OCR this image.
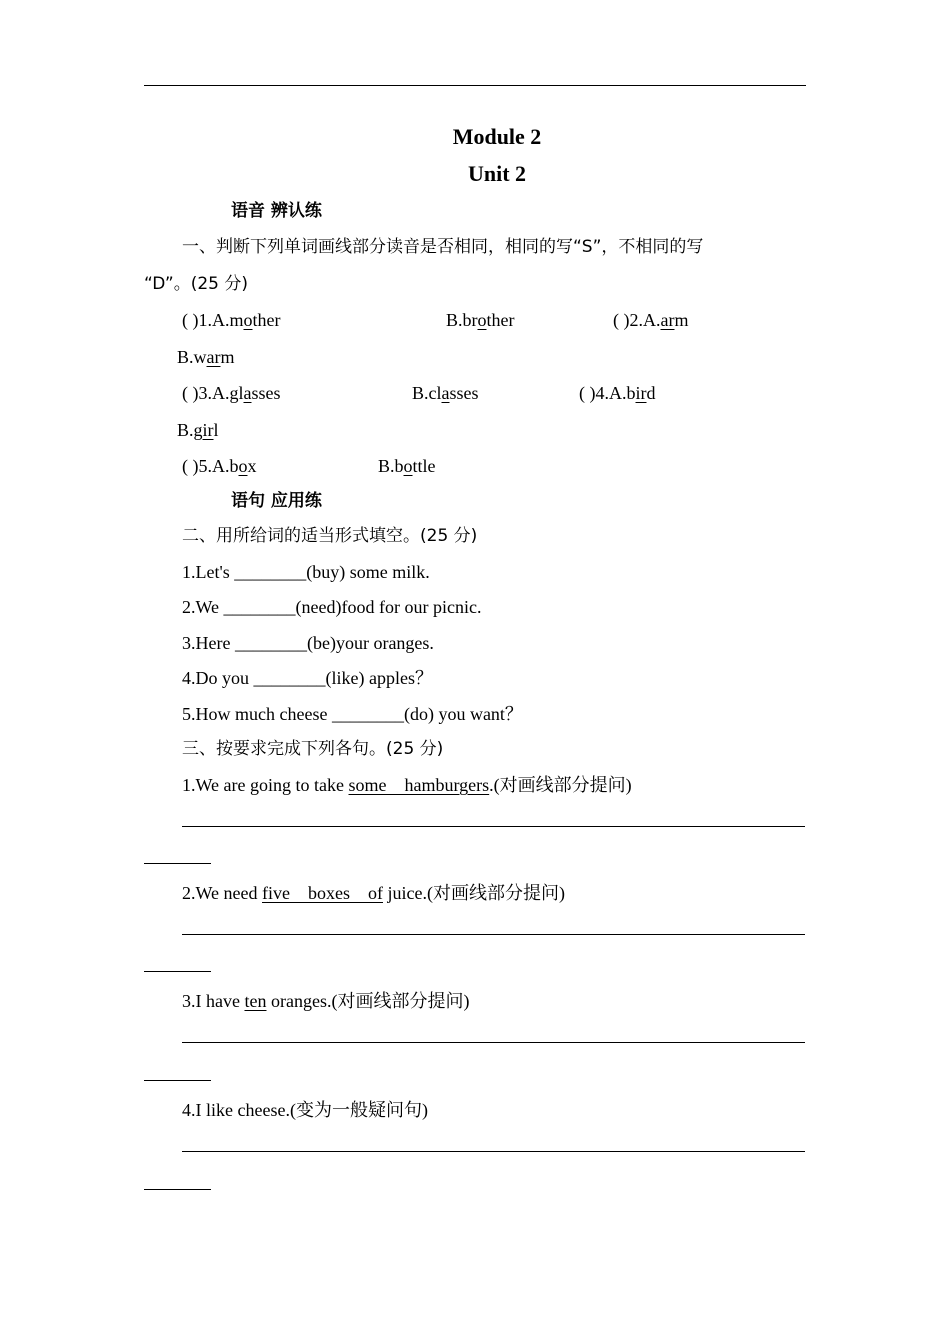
Module 2
Unit 2
语音 辨认练
一、判断下列单词画线部分读音是否相同，相同的写“S”，不相同的写
“D”。(25 分)
( )1.A.mother	B.brother	( )2.A.arm
B.warm
( )3.A.glasses	B.classes	( )4.A.bird
B.girl
( )5.A.box	B.bottle
语句 应用练
二、用所给词的适当形式填空。(25 分)
1.Let's ________(buy) some milk.
2.We ________(need)food for our picnic.
3.Here ________(be)your oranges.
4.Do you ________(like) apples？
5.How much cheese ________(do) you want？
三、按要求完成下列各句。(25 分)
1.We are going to take some    hamburgers.(对画线部分提问)
2.We need five    boxes    of juice.(对画线部分提问)
3.I have ten oranges.(对画线部分提问)
4.I like cheese.(变为一般疑问句)
